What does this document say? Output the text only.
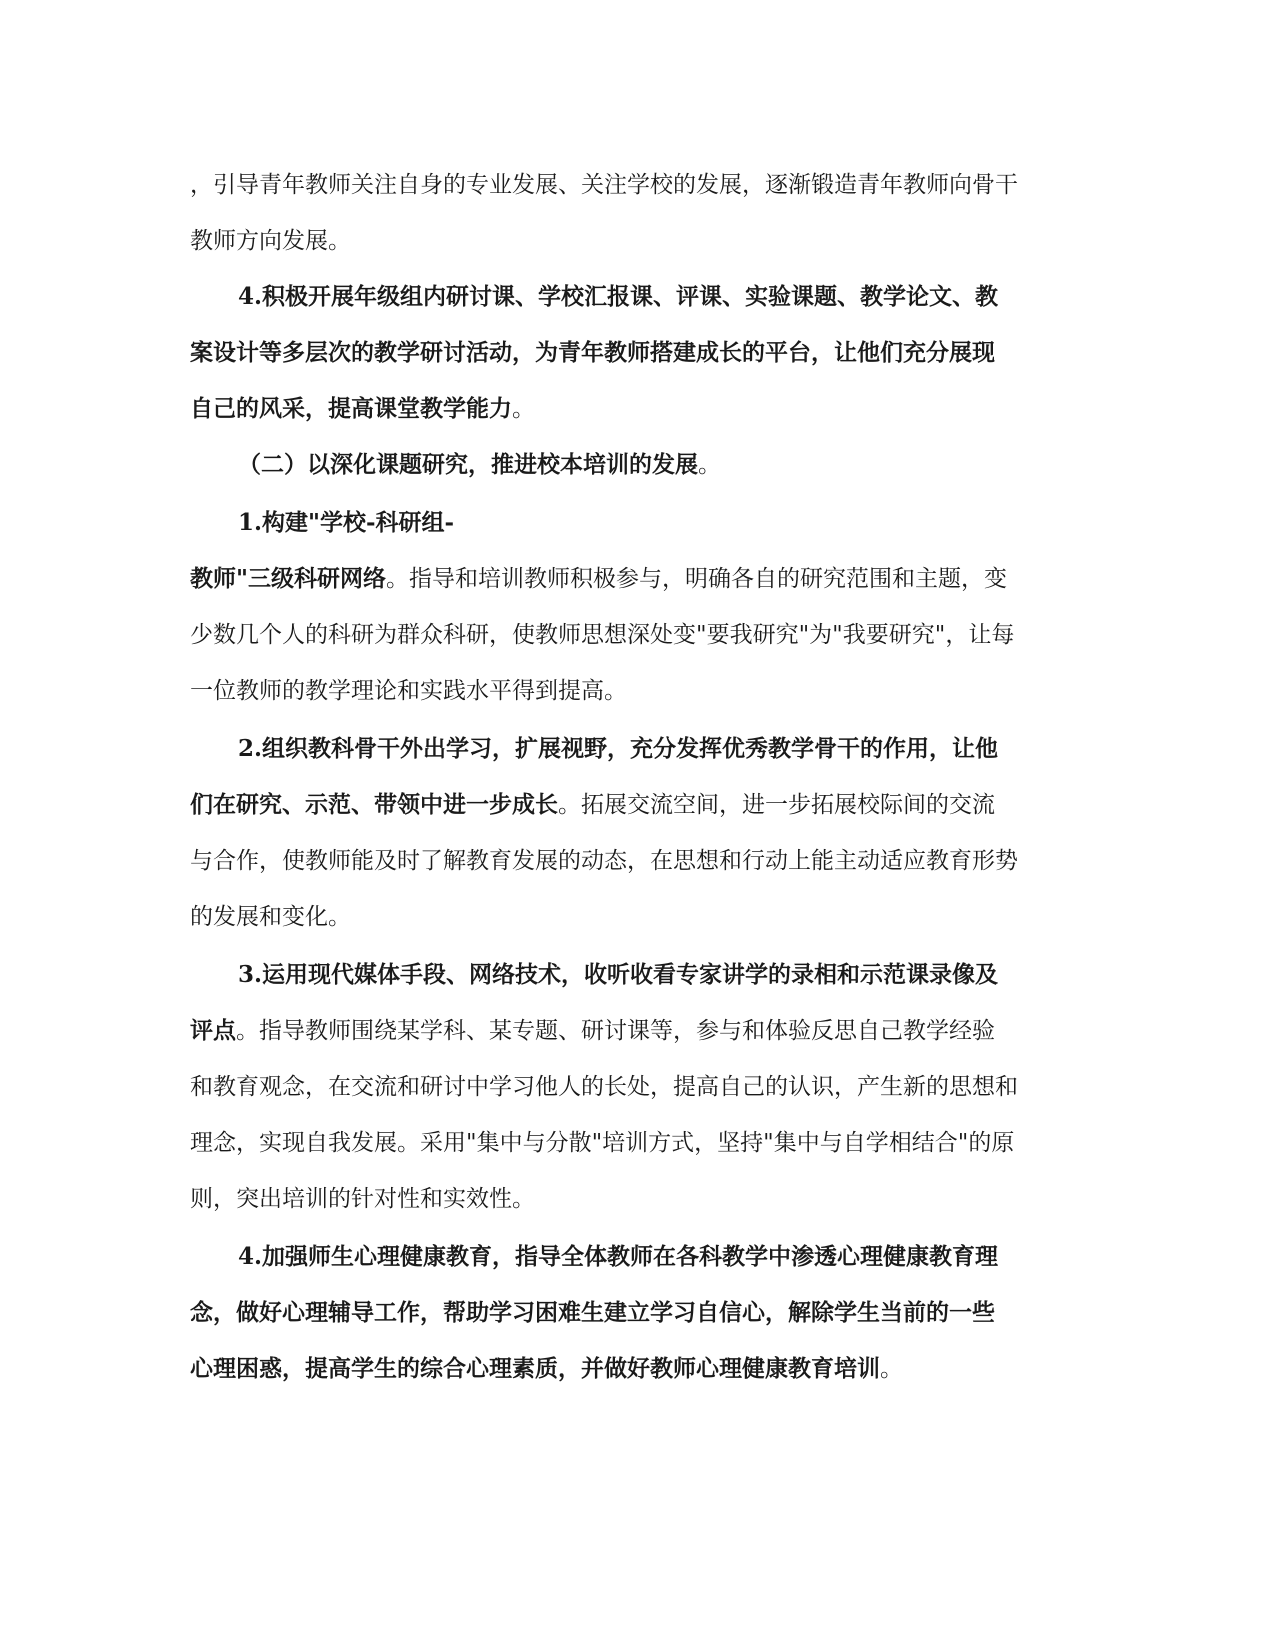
，引导青年教师关注自身的专业发展、关注学校的发展，逐渐锻造青年教师向骨干
教师方向发展。
4.积极开展年级组内研讨课、学校汇报课、评课、实验课题、教学论文、教
案设计等多层次的教学研讨活动，为青年教师搭建成长的平台，让他们充分展现
自己的风采，提高课堂教学能力。
（二）以深化课题研究，推进校本培训的发展。
1.构建"学校-科研组-
教师"三级科研网络。指导和培训教师积极参与，明确各自的研究范围和主题，变
少数几个人的科研为群众科研，使教师思想深处变"要我研究"为"我要研究"，让每
一位教师的教学理论和实践水平得到提高。
2.组织教科骨干外出学习，扩展视野，充分发挥优秀教学骨干的作用，让他
们在研究、示范、带领中进一步成长。拓展交流空间，进一步拓展校际间的交流
与合作，使教师能及时了解教育发展的动态，在思想和行动上能主动适应教育形势
的发展和变化。
3.运用现代媒体手段、网络技术，收听收看专家讲学的录相和示范课录像及
评点。指导教师围绕某学科、某专题、研讨课等，参与和体验反思自己教学经验
和教育观念，在交流和研讨中学习他人的长处，提高自己的认识，产生新的思想和
理念，实现自我发展。采用"集中与分散"培训方式，坚持"集中与自学相结合"的原
则，突出培训的针对性和实效性。
4.加强师生心理健康教育，指导全体教师在各科教学中渗透心理健康教育理
念，做好心理辅导工作，帮助学习困难生建立学习自信心，解除学生当前的一些
心理困惑，提高学生的综合心理素质，并做好教师心理健康教育培训。
